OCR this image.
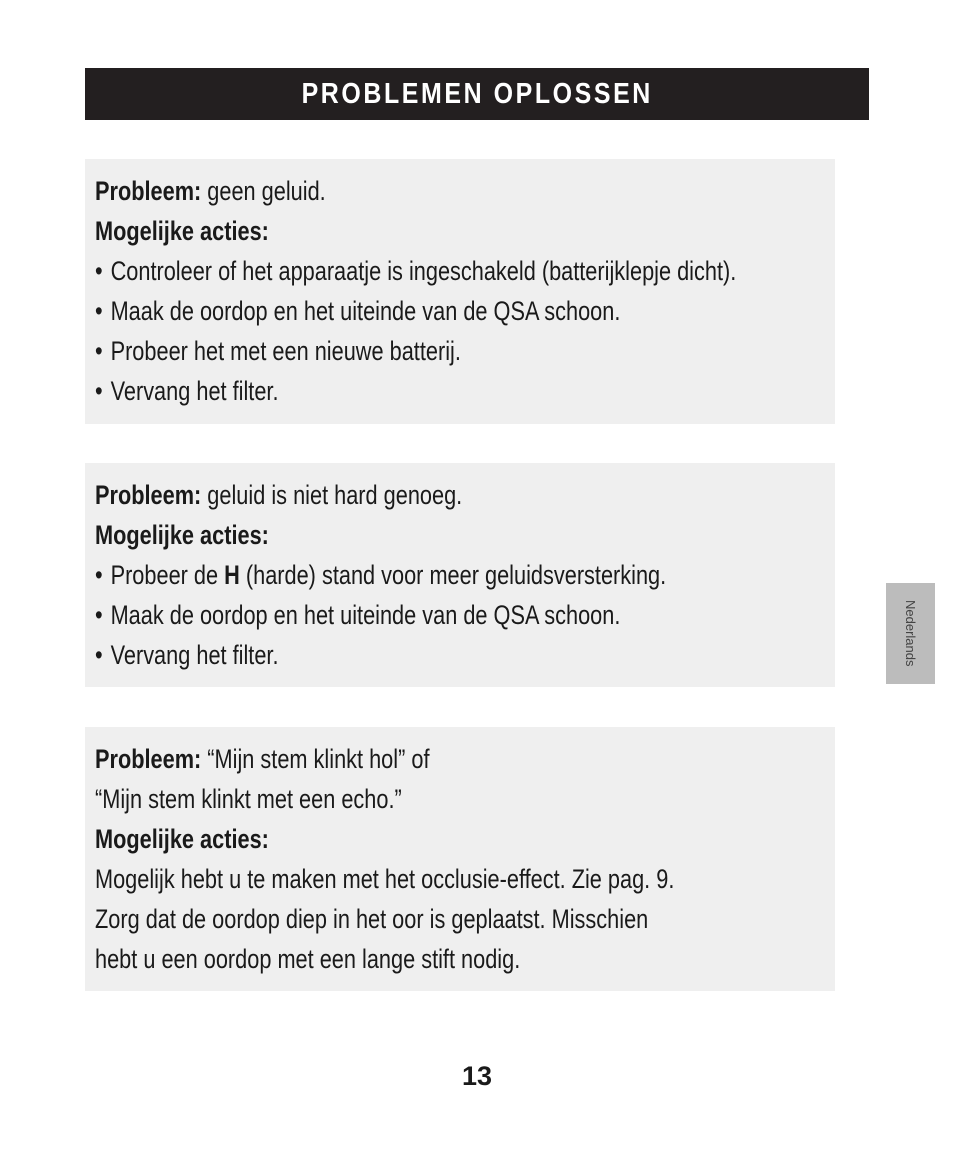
PROBLEMEN OPLOSSEN
Probleem: geen geluid.
Mogelijke acties:
• Controleer of het apparaatje is ingeschakeld (batterijklepje dicht).
• Maak de oordop en het uiteinde van de QSA schoon.
• Probeer het met een nieuwe batterij.
• Vervang het filter.
Probleem: geluid is niet hard genoeg.
Mogelijke acties:
• Probeer de H (harde) stand voor meer geluidsversterking.
• Maak de oordop en het uiteinde van de QSA schoon.
• Vervang het filter.
Probleem: “Mijn stem klinkt hol” of
“Mijn stem klinkt met een echo.”
Mogelijke acties:
Mogelijk hebt u te maken met het occlusie-effect. Zie pag. 9.
Zorg dat de oordop diep in het oor is geplaatst. Misschien
hebt u een oordop met een lange stift nodig.
Nederlands
13
